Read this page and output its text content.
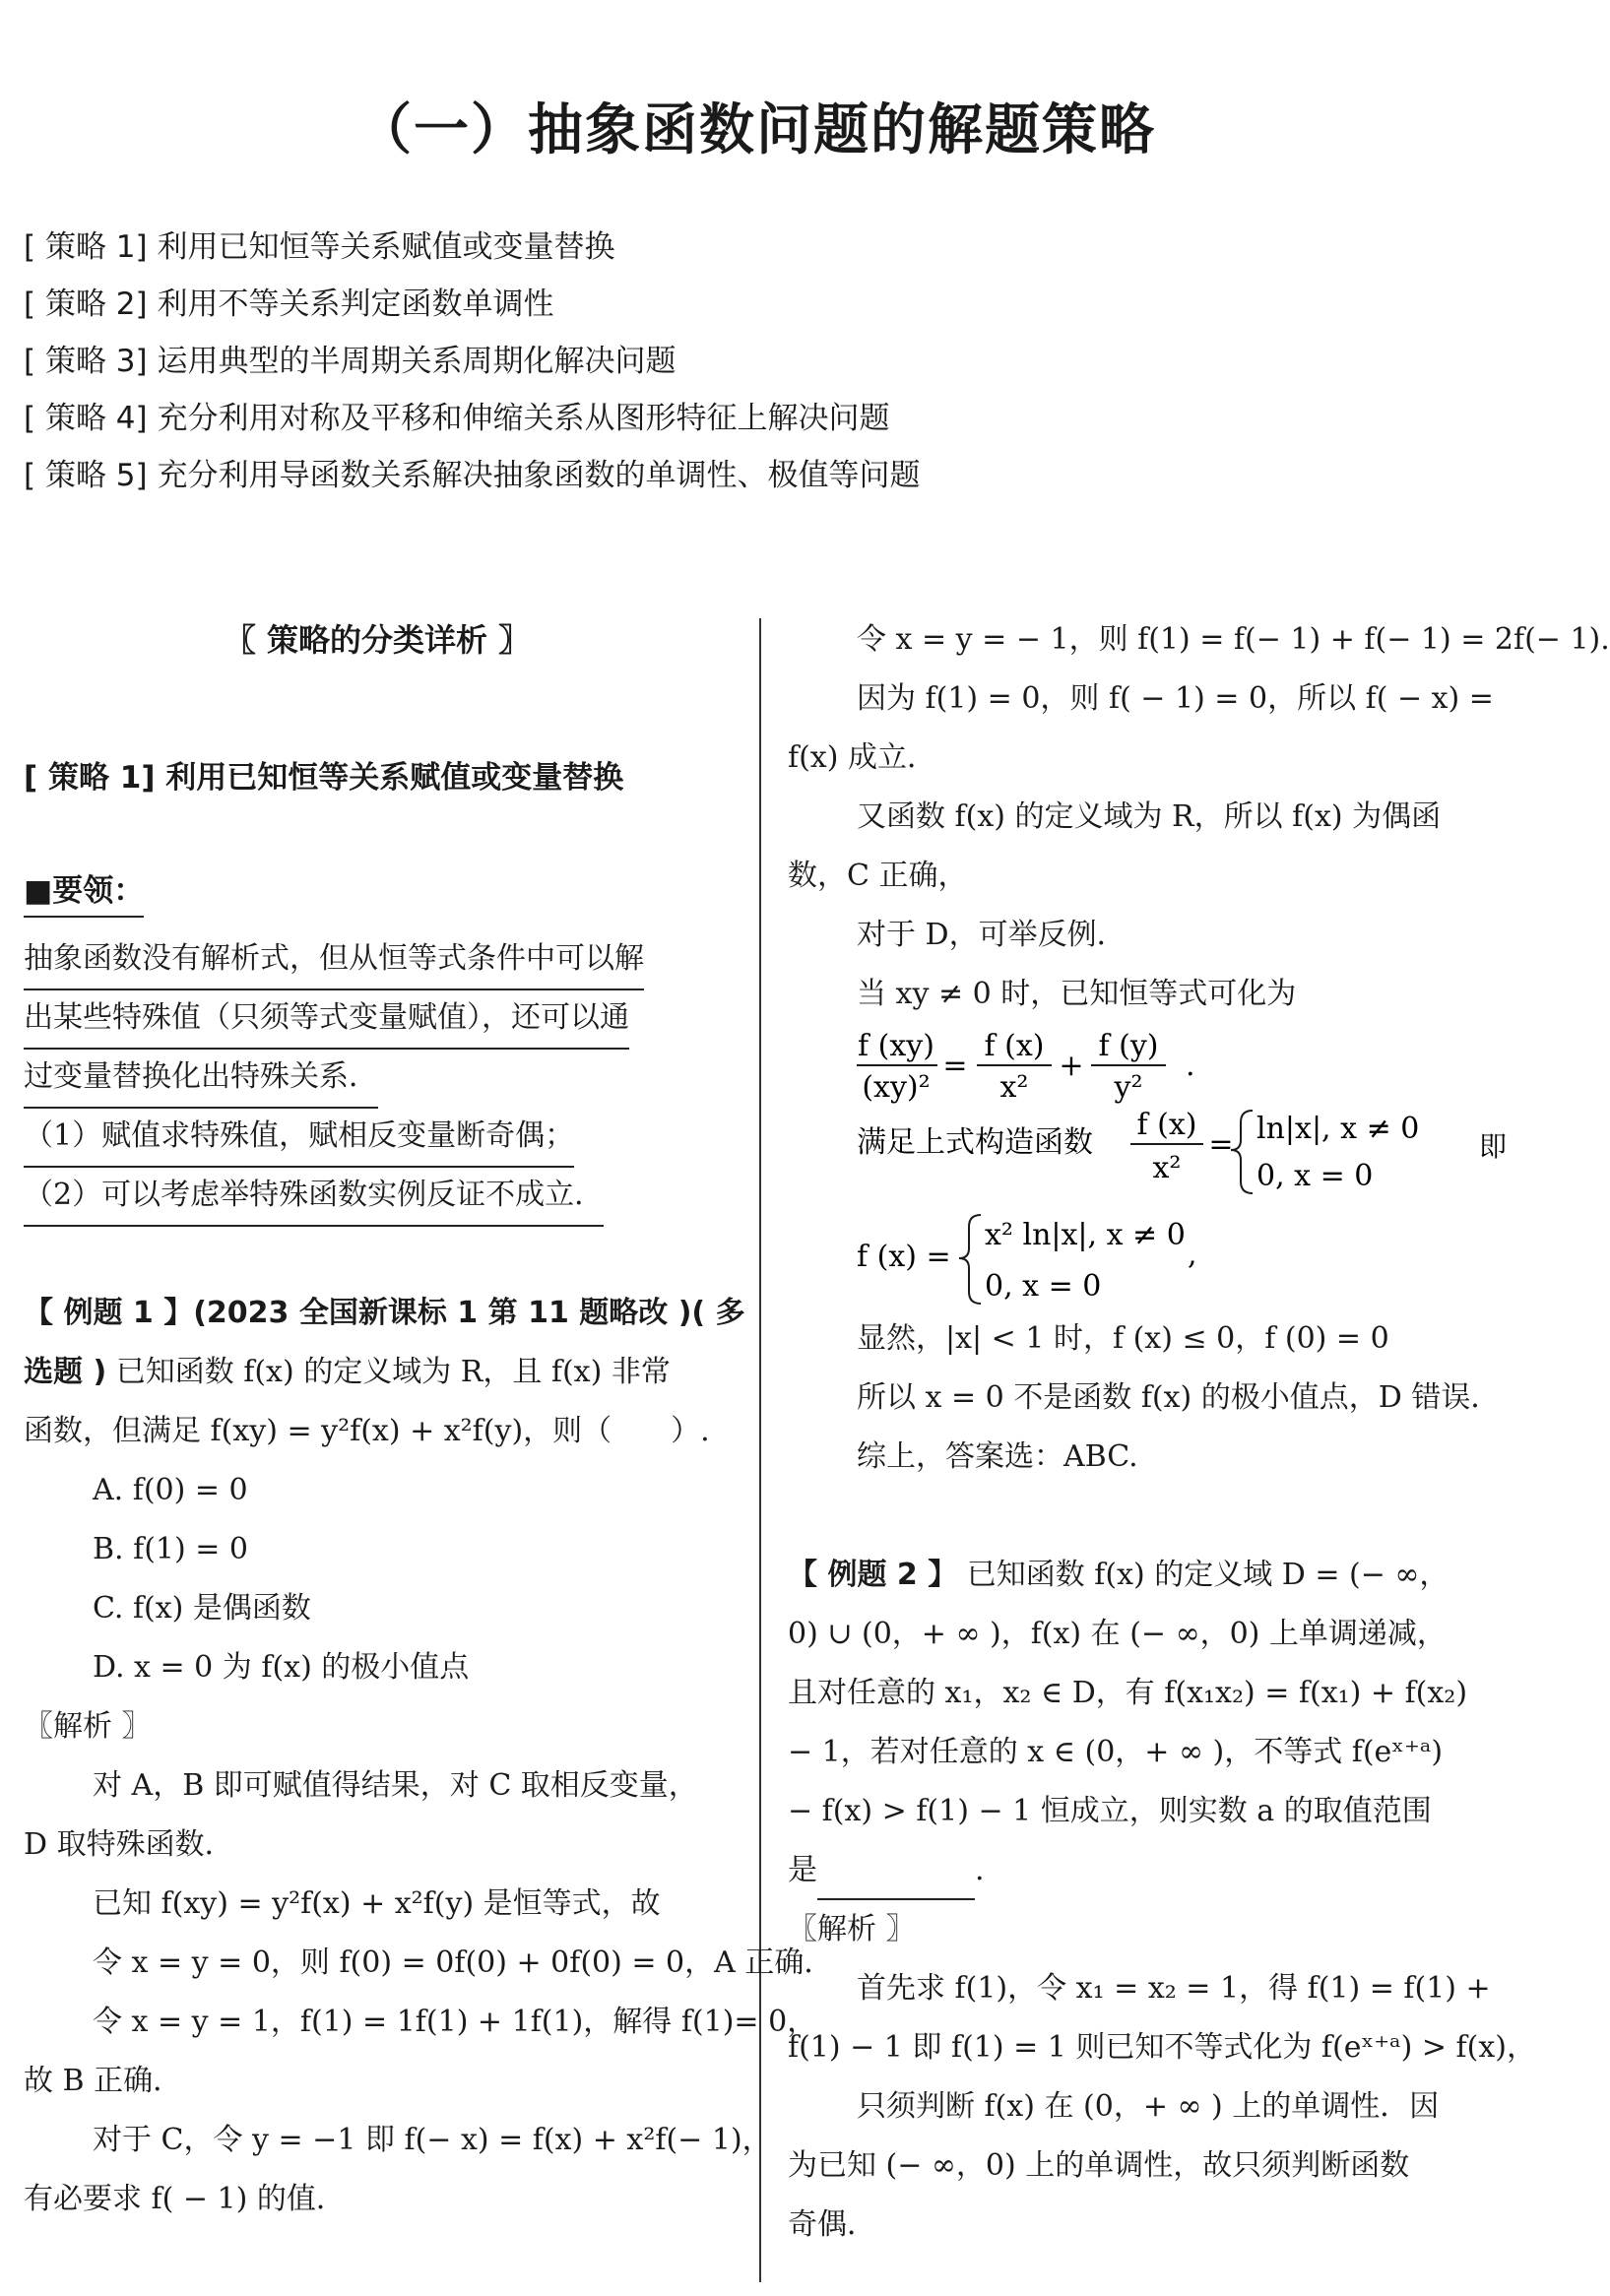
（一）抽象函数问题的解题策略
[ 策略 1] 利用已知恒等关系赋值或变量替换
[ 策略 2] 利用不等关系判定函数单调性
[ 策略 3] 运用典型的半周期关系周期化解决问题
[ 策略 4] 充分利用对称及平移和伸缩关系从图形特征上解决问题
[ 策略 5] 充分利用导函数关系解决抽象函数的单调性、极值等问题
〖 策略的分类详析 〗
[ 策略 1] 利用已知恒等关系赋值或变量替换
■要领：
抽象函数没有解析式，但从恒等式条件中可以解
出某些特殊值（只须等式变量赋值），还可以通
过变量替换化出特殊关系．
（1）赋值求特殊值，赋相反变量断奇偶；
（2）可以考虑举特殊函数实例反证不成立．
【 例题 1 】(2023 全国新课标 1 第 11 题略改 )( 多
选题 ) 已知函数 f(x) 的定义域为 R，且 f(x) 非常
函数，但满足 f(xy) = y²f(x) + x²f(y)，则（　　）.
A. f(0) = 0
B. f(1) = 0
C. f(x) 是偶函数
D. x = 0 为 f(x) 的极小值点
〖解析 〗
对 A，B 即可赋值得结果，对 C 取相反变量，
D 取特殊函数．
已知 f(xy) = y²f(x) + x²f(y) 是恒等式，故
令 x = y = 0，则 f(0) = 0f(0) + 0f(0) = 0，A 正确．
令 x = y = 1，f(1) = 1f(1) + 1f(1)，解得 f(1)= 0，
故 B 正确．
对于 C，令 y = −1 即 f(− x) = f(x) + x²f(− 1)，
有必要求 f( − 1) 的值．
令 x = y = − 1，则 f(1) = f(− 1) + f(− 1) = 2f(− 1).
因为 f(1) = 0，则 f( − 1) = 0，所以 f( − x) =
f(x) 成立．
又函数 f(x) 的定义域为 R，所以 f(x) 为偶函
数，C 正确，
对于 D，可举反例．
当 xy ≠ 0 时，已知恒等式可化为
f (xy)
(xy)²
=
f (x)
x²
+
f (y)
y²
.
满足上式构造函数
f (x)
x²
= ln|x|, x ≠ 0
0, x = 0
即
f (x) =
x² ln|x|, x ≠ 0
0, x = 0
,
显然，|x| < 1 时，f (x) ≤ 0，f (0) = 0
所以 x = 0 不是函数 f(x) 的极小值点，D 错误．
综上，答案选：ABC.
【 例题 2 】 已知函数 f(x) 的定义域 D = (− ∞，
0) ∪ (0，+ ∞ )，f(x) 在 (− ∞，0) 上单调递减，
且对任意的 x₁，x₂ ∈ D，有 f(x₁x₂) = f(x₁) + f(x₂)
− 1，若对任意的 x ∈ (0，+ ∞ )，不等式 f(eˣ⁺ᵃ)
− f(x) > f(1) − 1 恒成立，则实数 a 的取值范围
是	.
〖解析 〗
首先求 f(1)，令 x₁ = x₂ = 1，得 f(1) = f(1) +
f(1) − 1 即 f(1) = 1 则已知不等式化为 f(eˣ⁺ᵃ) > f(x)，
只须判断 f(x) 在 (0，+ ∞ ) 上的单调性．因
为已知 (− ∞，0) 上的单调性，故只须判断函数
奇偶．
